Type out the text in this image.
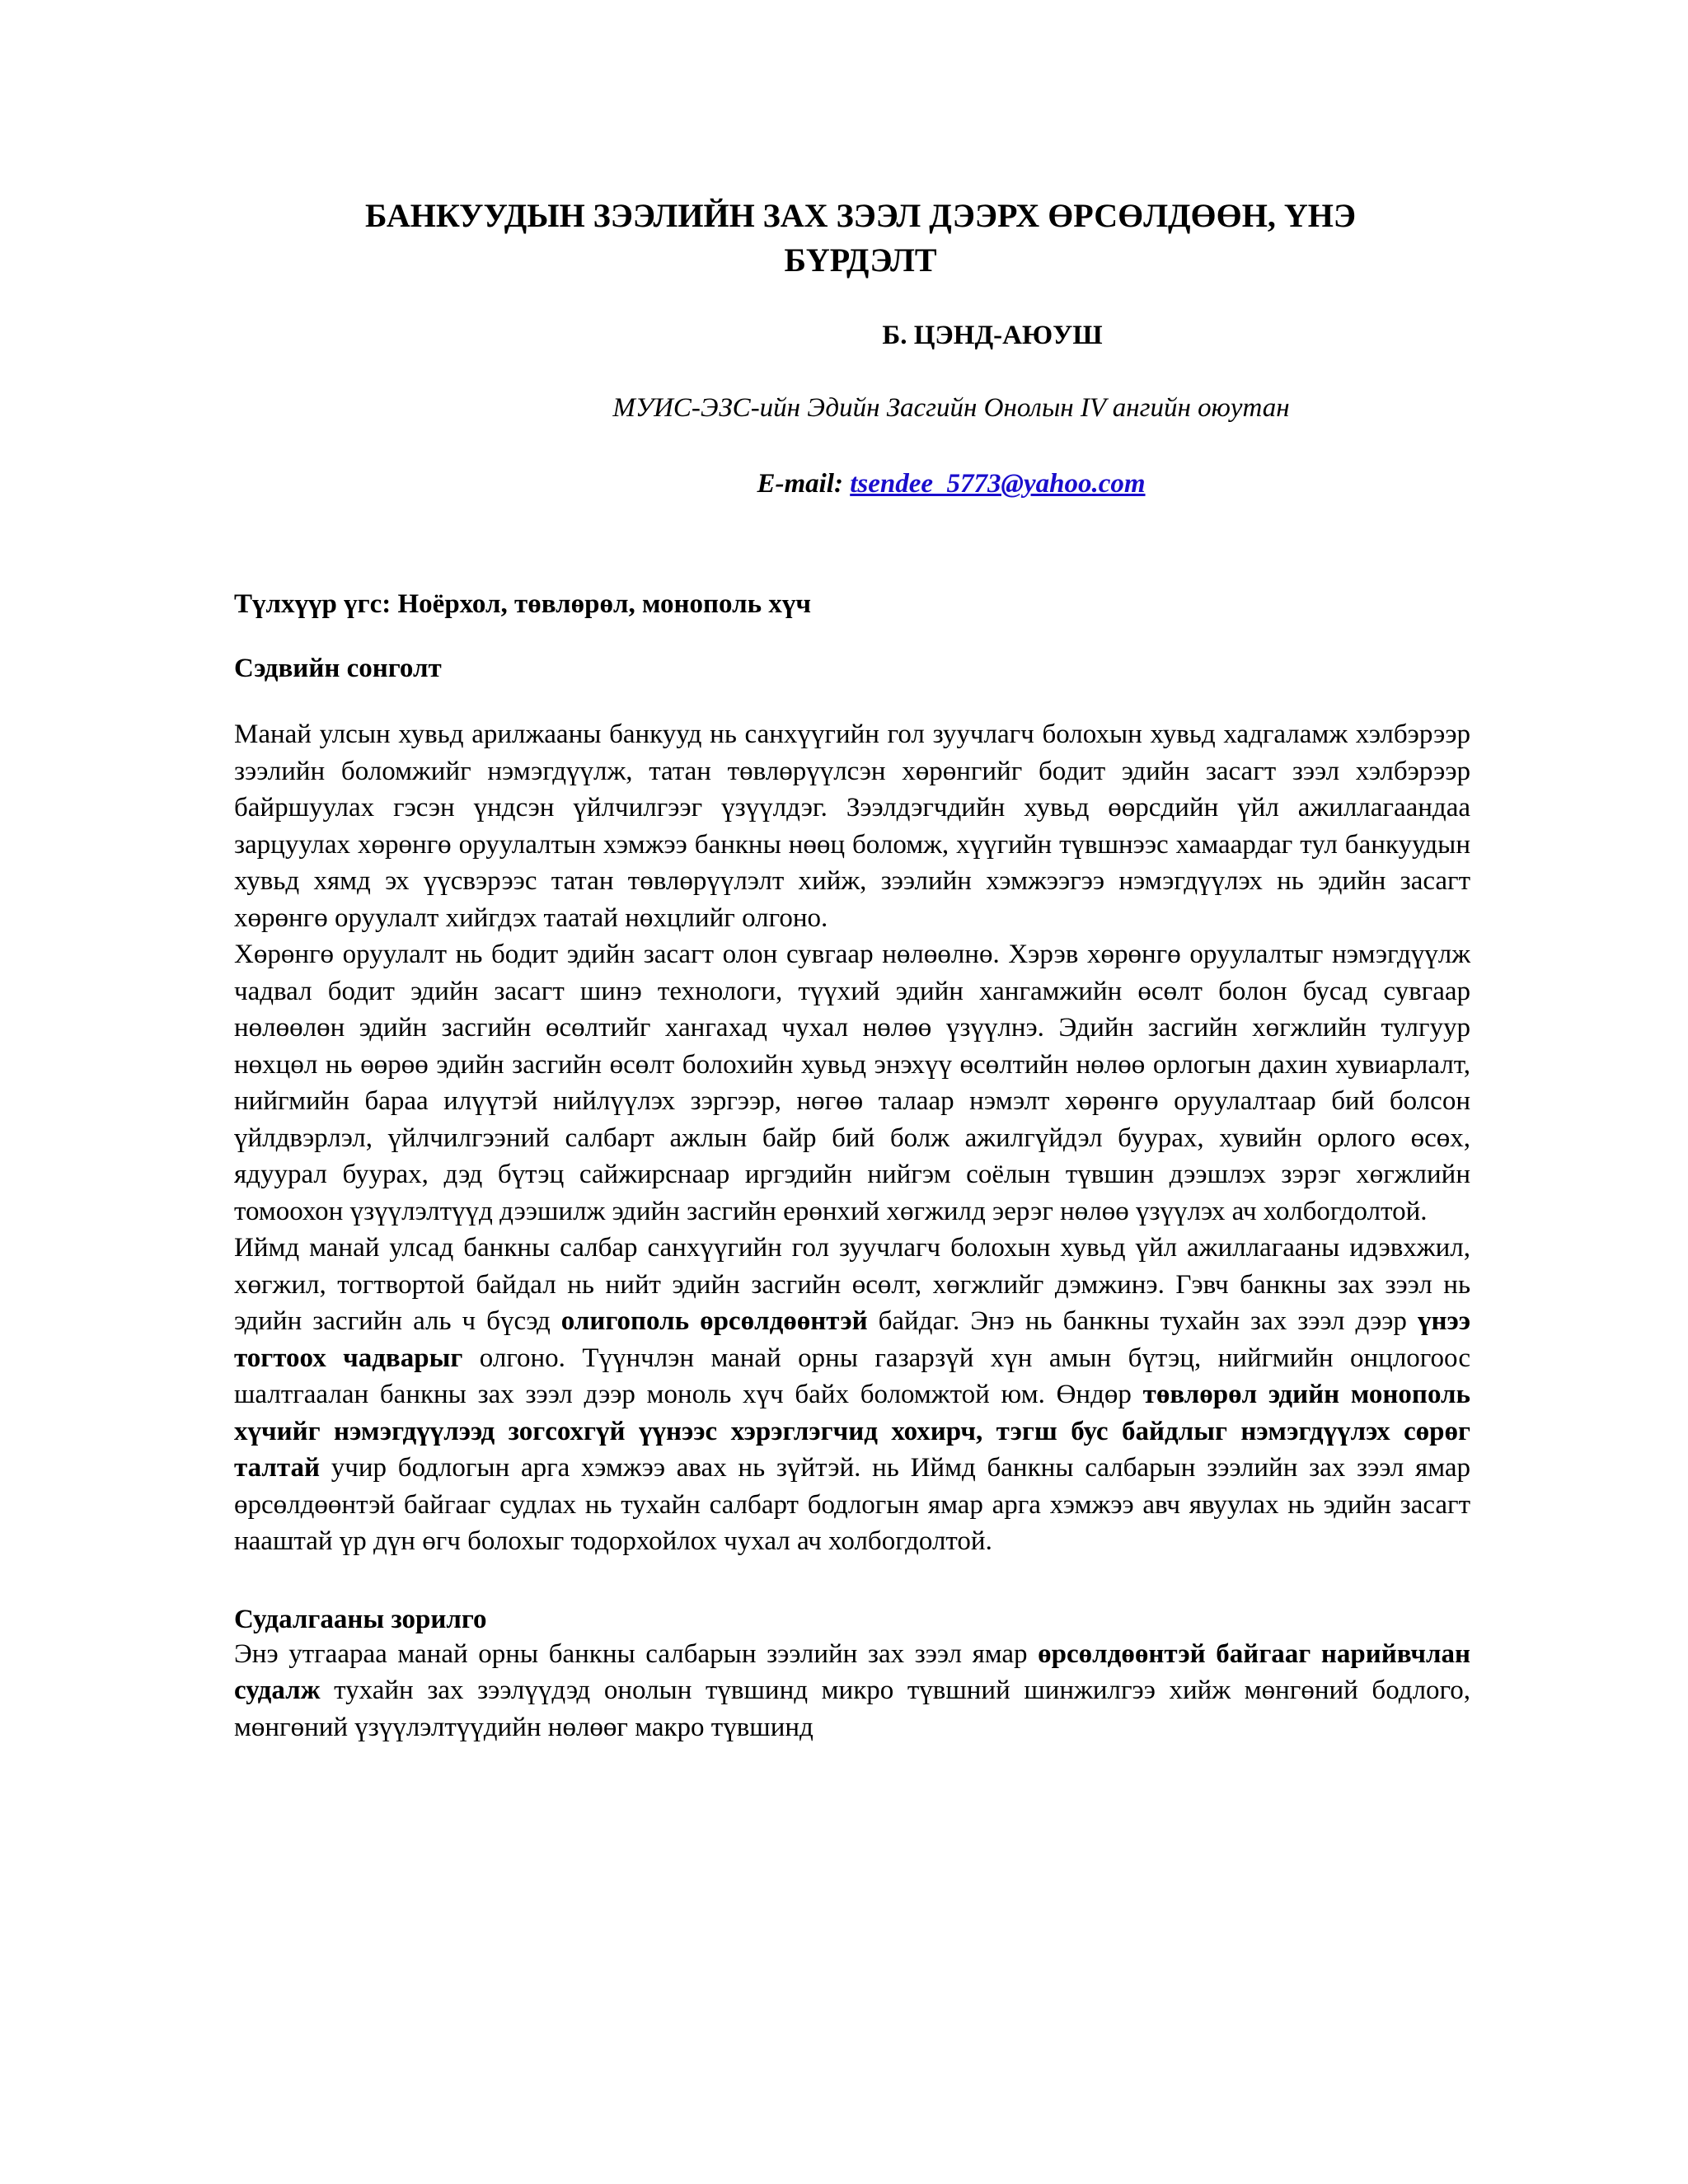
БАНКУУДЫН ЗЭЭЛИЙН ЗАХ ЗЭЭЛ ДЭЭРХ ӨРСӨЛДӨӨН, ҮНЭ
БҮРДЭЛТ
Б. ЦЭНД-АЮУШ
МУИС-ЭЗС-ийн Эдийн Засгийн Онолын IV ангийн оюутан
E-mail: tsendee_5773@yahoo.com
Түлхүүр үгс: Ноёрхол, төвлөрөл, монополь хүч
Сэдвийн сонголт

Манай улсын хувьд арилжааны банкууд нь санхүүгийн гол зуучлагч болохын хувьд хадгаламж хэлбэрээр зээлийн боломжийг нэмэгдүүлж, татан төвлөрүүлсэн хөрөнгийг бодит эдийн засагт зээл хэлбэрээр байршуулах гэсэн үндсэн үйлчилгээг үзүүлдэг. Зээлдэгчдийн хувьд өөрсдийн үйл ажиллагаандаа зарцуулах хөрөнгө оруулалтын хэмжээ банкны нөөц боломж, хүүгийн түвшнээс хамаардаг тул банкуудын хувьд хямд эх үүсвэрээс татан төвлөрүүлэлт хийж, зээлийн хэмжээгээ нэмэгдүүлэх нь эдийн засагт хөрөнгө оруулалт хийгдэх таатай нөхцлийг олгоно.

Хөрөнгө оруулалт нь бодит эдийн засагт олон сувгаар нөлөөлнө. Хэрэв хөрөнгө оруулалтыг нэмэгдүүлж чадвал бодит эдийн засагт шинэ технологи, түүхий эдийн хангамжийн өсөлт болон бусад сувгаар нөлөөлөн эдийн засгийн өсөлтийг хангахад чухал нөлөө үзүүлнэ. Эдийн засгийн хөгжлийн тулгуур нөхцөл нь өөрөө эдийн засгийн өсөлт болохийн хувьд энэхүү өсөлтийн нөлөө орлогын дахин хувиарлалт, нийгмийн бараа илүүтэй нийлүүлэх зэргээр, нөгөө талаар нэмэлт хөрөнгө оруулалтаар бий болсон үйлдвэрлэл, үйлчилгээний салбарт ажлын байр бий болж ажилгүйдэл буурах, хувийн орлого өсөх, ядуурал буурах, дэд бүтэц сайжирснаар иргэдийн нийгэм соёлын түвшин дээшлэх зэрэг хөгжлийн томоохон үзүүлэлтүүд дээшилж эдийн засгийн ерөнхий хөгжилд эерэг нөлөө үзүүлэх ач холбогдолтой.

Иймд манай улсад банкны салбар санхүүгийн гол зуучлагч болохын хувьд үйл ажиллагааны идэвхжил, хөгжил, тогтвортой байдал нь нийт эдийн засгийн өсөлт, хөгжлийг дэмжинэ. Гэвч банкны зах зээл нь эдийн засгийн аль ч бүсэд олигополь өрсөлдөөнтэй байдаг. Энэ нь банкны тухайн зах зээл дээр үнээ тогтоох чадварыг олгоно. Түүнчлэн манай орны газарзүй хүн амын бүтэц, нийгмийн онцлогоос шалтгаалан банкны зах зээл дээр моноль хүч байх боломжтой юм. Өндөр төвлөрөл эдийн монополь хүчийг нэмэгдүүлээд зогсохгүй үүнээс хэрэглэгчид хохирч, тэгш бус байдлыг нэмэгдүүлэх сөрөг талтай учир бодлогын арга хэмжээ авах нь зүйтэй. нь Иймд банкны салбарын зээлийн зах зээл ямар өрсөлдөөнтэй байгааг судлах нь тухайн салбарт бодлогын ямар арга хэмжээ авч явуулах нь эдийн засагт нааштай үр дүн өгч болохыг тодорхойлох чухал ач холбогдолтой.

Судалгааны зорилго

Энэ утгаараа манай орны банкны салбарын зээлийн зах зээл ямар өрсөлдөөнтэй байгааг нарийвчлан судалж тухайн зах зээлүүдэд онолын түвшинд микро түвшний шинжилгээ хийж мөнгөний бодлого, мөнгөний үзүүлэлтүүдийн нөлөөг макро түвшинд
